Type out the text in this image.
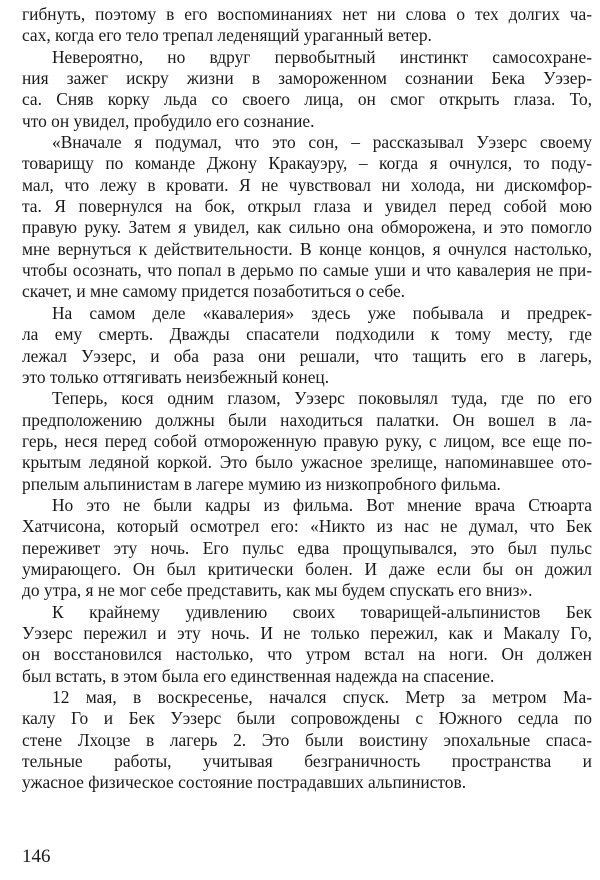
гибнуть, поэтому в его воспоминаниях нет ни слова о тех долгих ча-
сах, когда его тело трепал леденящий ураганный ветер.
Невероятно, но вдруг первобытный инстинкт самосохране-
ния зажег искру жизни в замороженном сознании Бека Уэзер-
са. Сняв корку льда со своего лица, он смог открыть глаза. То,
что он увидел, пробудило его сознание.
«Вначале я подумал, что это сон, – рассказывал Уэзерс своему
товарищу по команде Джону Кракауэру, – когда я очнулся, то поду-
мал, что лежу в кровати. Я не чувствовал ни холода, ни дискомфор-
та. Я повернулся на бок, открыл глаза и увидел перед собой мою
правую руку. Затем я увидел, как сильно она обморожена, и это помогло
мне вернуться к действительности. В конце концов, я очнулся настолько,
чтобы осознать, что попал в дерьмо по самые уши и что кавалерия не при-
скачет, и мне самому придется позаботиться о себе.
На самом деле «кавалерия» здесь уже побывала и предрек-
ла ему смерть. Дважды спасатели подходили к тому месту, где
лежал Уэзерс, и оба раза они решали, что тащить его в лагерь,
это только оттягивать неизбежный конец.
Теперь, кося одним глазом, Уэзерс поковылял туда, где по его
предположению должны были находиться палатки. Он вошел в ла-
герь, неся перед собой отмороженную правую руку, с лицом, все еще по-
крытым ледяной коркой. Это было ужасное зрелище, напоминавшее ото-
рпелым альпинистам в лагере мумию из низкопробного фильма.
Но это не были кадры из фильма. Вот мнение врача Стюарта
Хатчисона, который осмотрел его: «Никто из нас не думал, что Бек
переживет эту ночь. Его пульс едва прощупывался, это был пульс
умирающего. Он был критически болен. И даже если бы он дожил
до утра, я не мог себе представить, как мы будем спускать его вниз».
К крайнему удивлению своих товарищей-альпинистов Бек
Уэзерс пережил и эту ночь. И не только пережил, как и Макалу Го,
он восстановился настолько, что утром встал на ноги. Он должен
был встать, в этом была его единственная надежда на спасение.
12 мая, в воскресенье, начался спуск. Метр за метром Ма-
калу Го и Бек Уэзерс были сопровождены с Южного седла по
стене Лхоцзе в лагерь 2. Это были воистину эпохальные спаса-
тельные работы, учитывая безграничность пространства и
ужасное физическое состояние пострадавших альпинистов.
146
